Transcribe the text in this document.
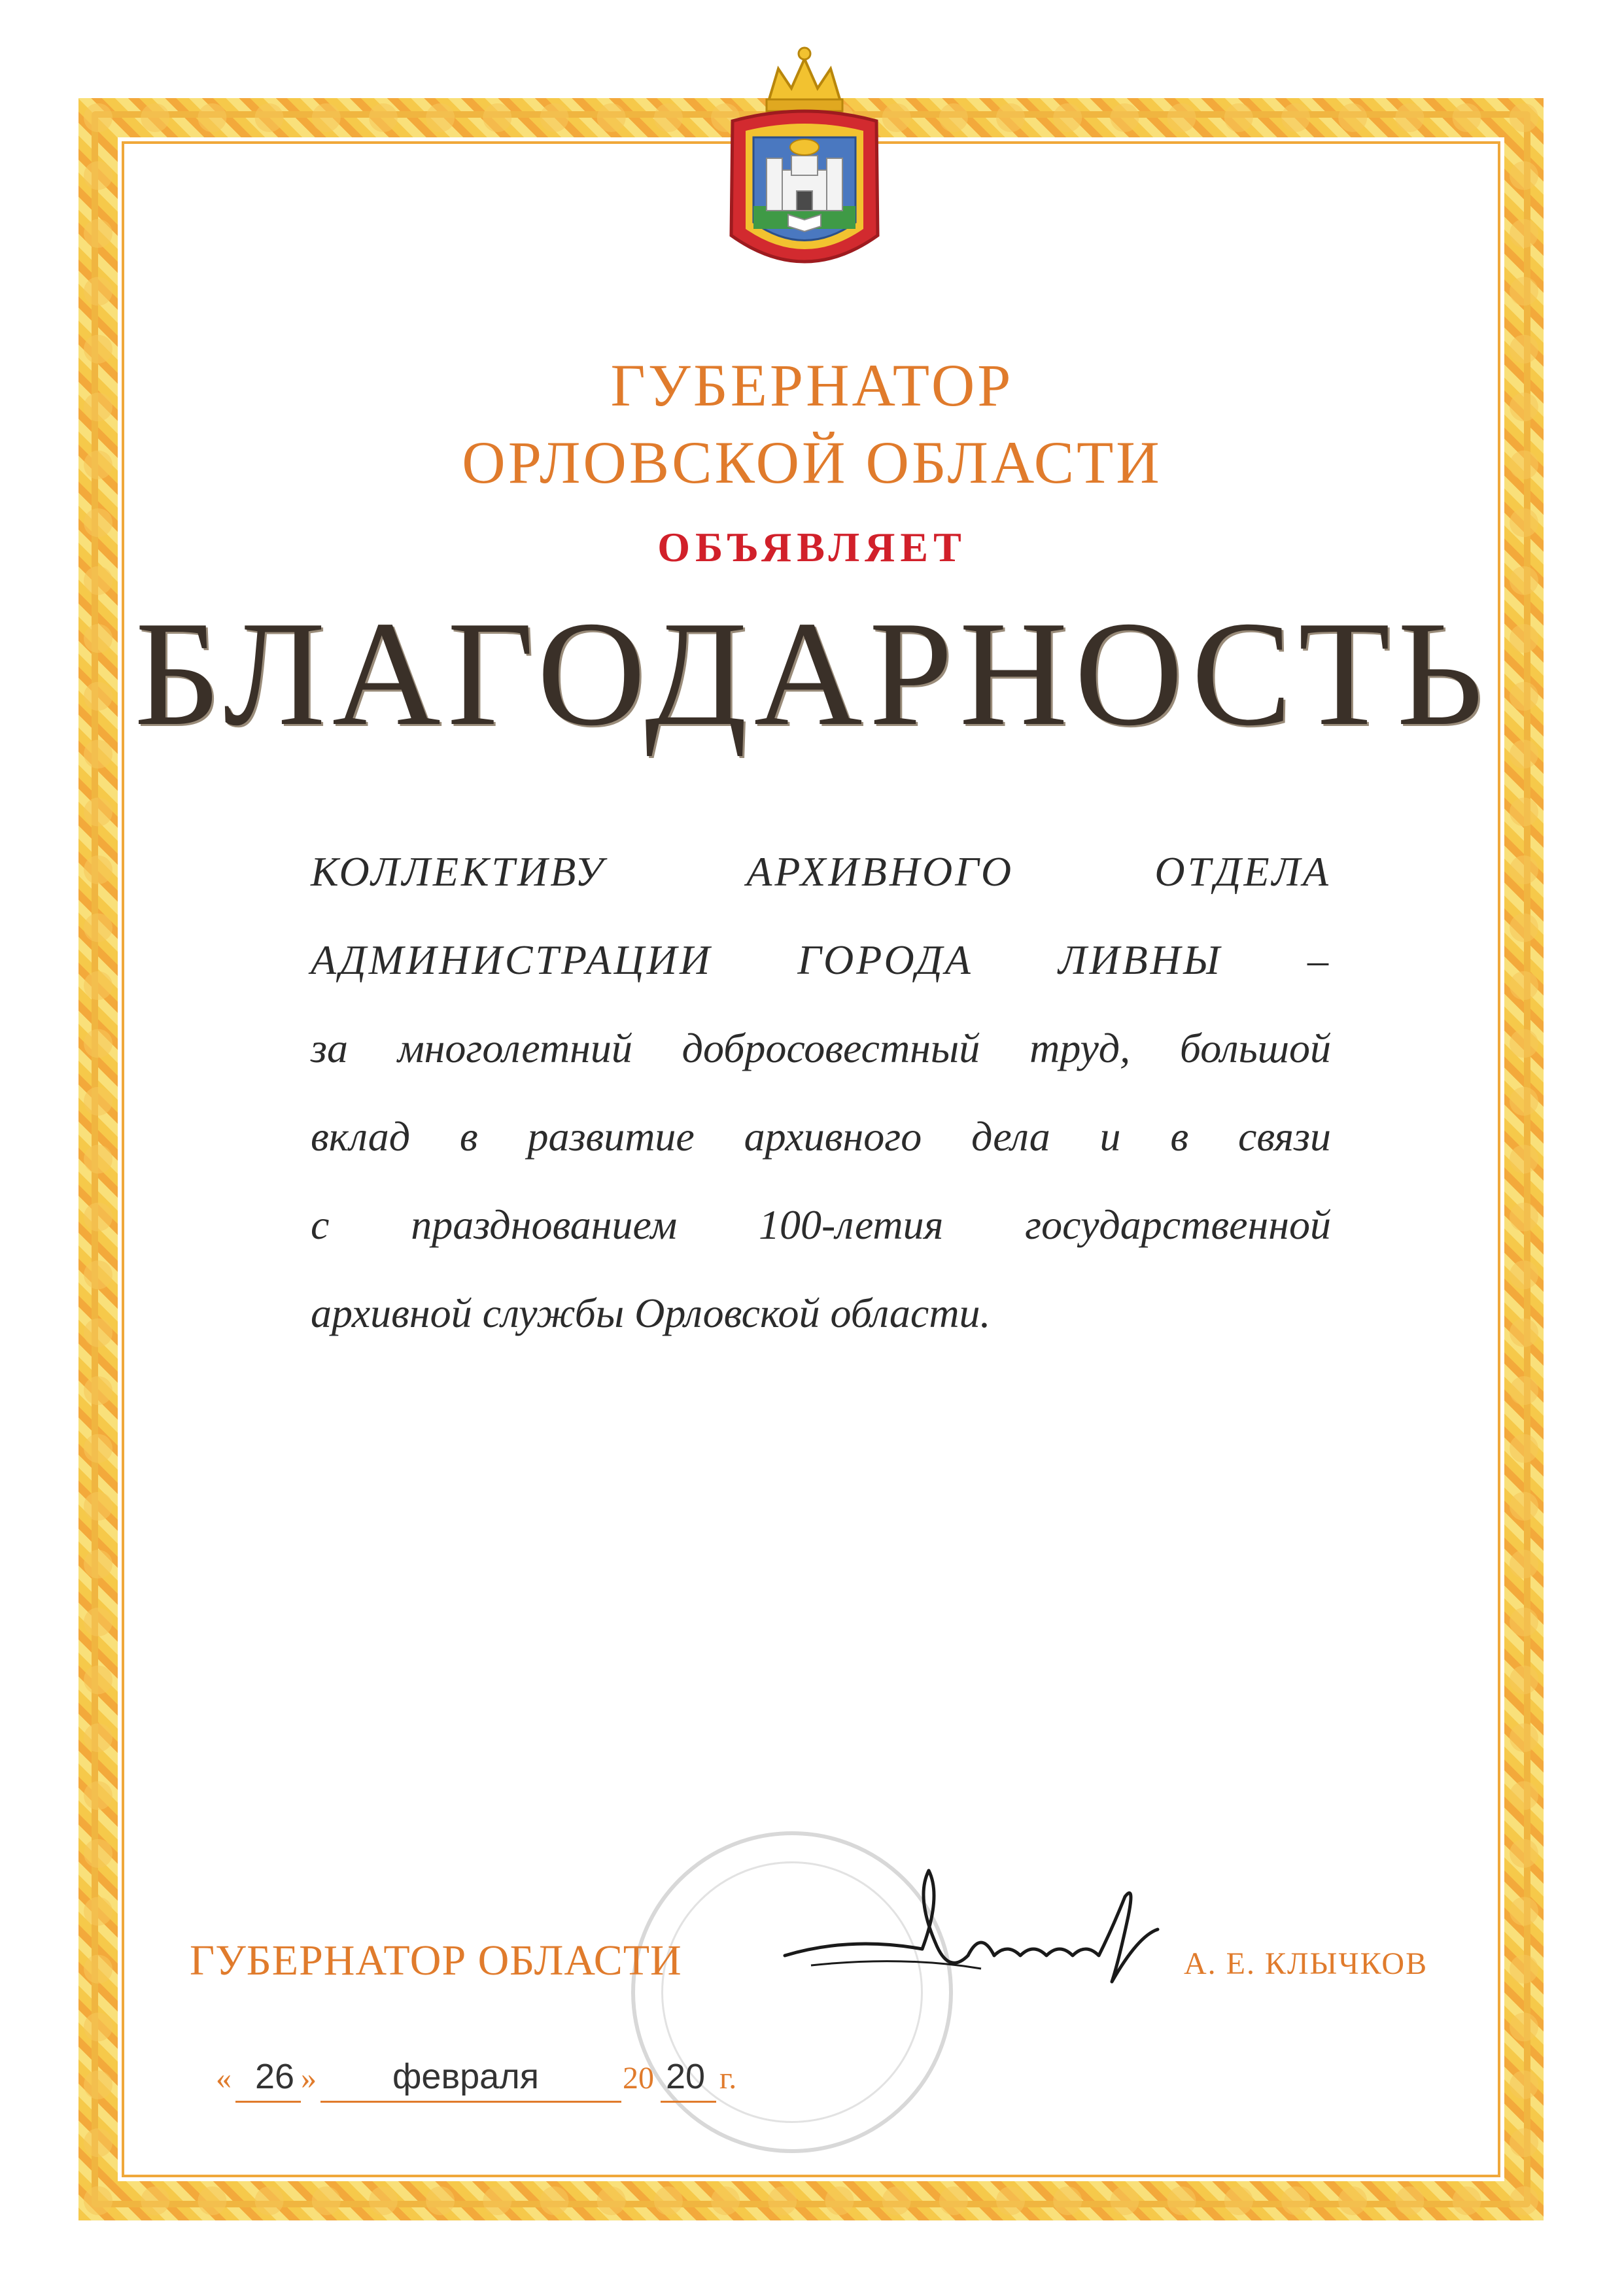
ГУБЕРНАТОР
ОРЛОВСКОЙ ОБЛАСТИ
ОБЪЯВЛЯЕТ
БЛАГОДАРНОСТЬ

КОЛЛЕКТИВУ АРХИВНОГО ОТДЕЛА

АДМИНИСТРАЦИИ ГОРОДА ЛИВНЫ –

за многолетний добросовестный труд, большой

вклад в развитие архивного дела и в связи

с празднованием 100-летия государственной

архивной службы Орловской области.

ГУБЕРНАТОР ОБЛАСТИ	А. Е. КЛЫЧКОВ

« 26 » февраля	20 20 г.
